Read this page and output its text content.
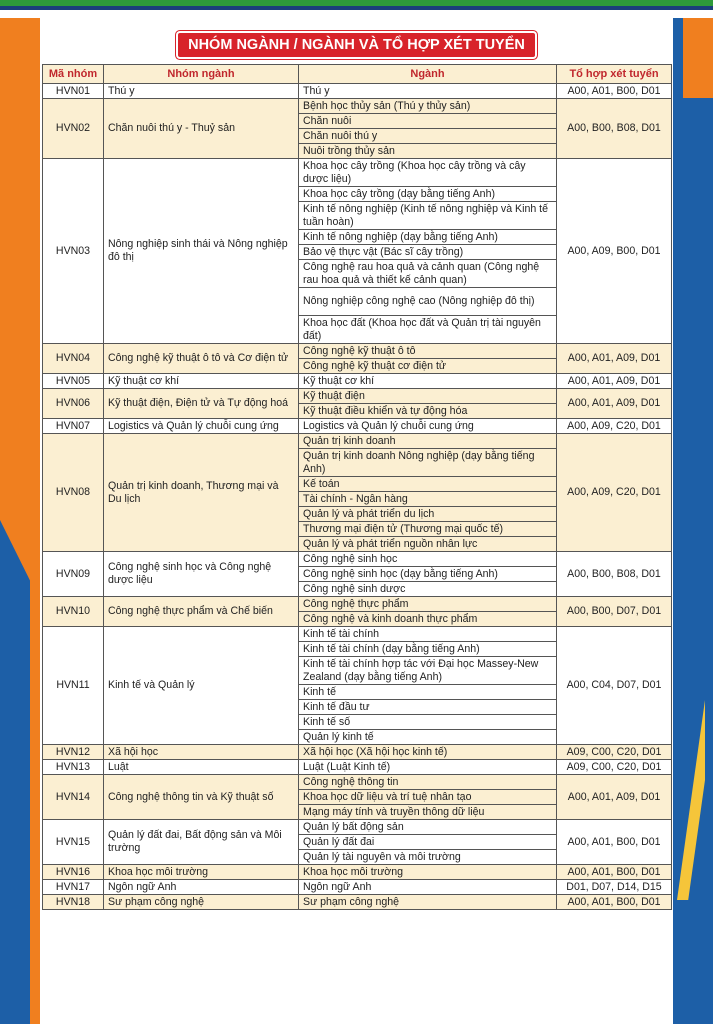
NHÓM NGÀNH / NGÀNH VÀ TỔ HỢP XÉT TUYỂN
Mã nhóm	Nhóm ngành	Ngành	Tổ hợp xét tuyển
HVN01	Thú y	Thú y	A00, A01, B00, D01
HVN02	Chăn nuôi thú y - Thuỷ sản	Bệnh học thủy sản (Thú y thủy sản)	A00, B00, B08, D01
		Chăn nuôi	
		Chăn nuôi thú y	
		Nuôi trồng thủy sản	
HVN03	Nông nghiệp sinh thái và Nông nghiệp đô thị	Khoa học cây trồng (Khoa học cây trồng và cây dược liệu)	A00, A09, B00, D01
		Khoa học cây trồng (dạy bằng tiếng Anh)	
		Kinh tế nông nghiệp (Kinh tế nông nghiệp và Kinh tế tuần hoàn)	
		Kinh tế nông nghiệp (dạy bằng tiếng Anh)	
		Bảo vệ thực vật (Bác sĩ cây trồng)	
		Công nghệ rau hoa quả và cảnh quan (Công nghệ rau hoa quả và thiết kế cảnh quan)	
		Nông nghiệp công nghệ cao (Nông nghiệp đô thị)	
		Khoa học đất (Khoa học đất và Quản trị tài nguyên đất)	
HVN04	Công nghệ kỹ thuật ô tô và Cơ điện tử	Công nghệ kỹ thuật ô tô	A00, A01, A09, D01
		Công nghệ kỹ thuật cơ điện tử	
HVN05	Kỹ thuật cơ khí	Kỹ thuật cơ khí	A00, A01, A09, D01
HVN06	Kỹ thuật điện, Điện tử và Tự động hoá	Kỹ thuật điện	A00, A01, A09, D01
		Kỹ thuật điều khiển và tự động hóa	
HVN07	Logistics và Quản lý chuỗi cung ứng	Logistics và Quản lý chuỗi cung ứng	A00, A09, C20, D01
HVN08	Quản trị kinh doanh, Thương mại và Du lịch	Quản trị kinh doanh	A00, A09, C20, D01
		Quản trị kinh doanh Nông nghiệp (dạy bằng tiếng Anh)	
		Kế toán	
		Tài chính - Ngân hàng	
		Quản lý và phát triển du lịch	
		Thương mại điện tử (Thương mại quốc tế)	
		Quản lý và phát triển nguồn nhân lực	
HVN09	Công nghệ sinh học và Công nghệ dược liệu	Công nghệ sinh học	A00, B00, B08, D01
		Công nghệ sinh học (dạy bằng tiếng Anh)	
		Công nghệ sinh dược	
HVN10	Công nghệ thực phẩm và Chế biến	Công nghệ thực phẩm	A00, B00, D07, D01
		Công nghệ và kinh doanh thực phẩm	
HVN11	Kinh tế và Quản lý	Kinh tế tài chính	A00, C04, D07, D01
		Kinh tế tài chính (dạy bằng tiếng Anh)	
		Kinh tế tài chính hợp tác với Đại học Massey-New Zealand (dạy bằng tiếng Anh)	
		Kinh tế	
		Kinh tế đầu tư	
		Kinh tế số	
		Quản lý kinh tế	
HVN12	Xã hội học	Xã hội học (Xã hội học kinh tế)	A09, C00, C20, D01
HVN13	Luật	Luật (Luật Kinh tế)	A09, C00, C20, D01
HVN14	Công nghệ thông tin và Kỹ thuật số	Công nghệ thông tin	A00, A01, A09, D01
		Khoa học dữ liệu và trí tuệ nhân tạo	
		Mạng máy tính và truyền thông dữ liệu	
HVN15	Quản lý đất đai, Bất động sản và Môi trường	Quản lý bất động sản	A00, A01, B00, D01
		Quản lý đất đai	
		Quản lý tài nguyên và môi trường	
HVN16	Khoa học môi trường	Khoa học môi trường	A00, A01, B00, D01
HVN17	Ngôn ngữ Anh	Ngôn ngữ Anh	D01, D07, D14, D15
HVN18	Sư phạm công nghệ	Sư phạm công nghệ	A00, A01, B00, D01
